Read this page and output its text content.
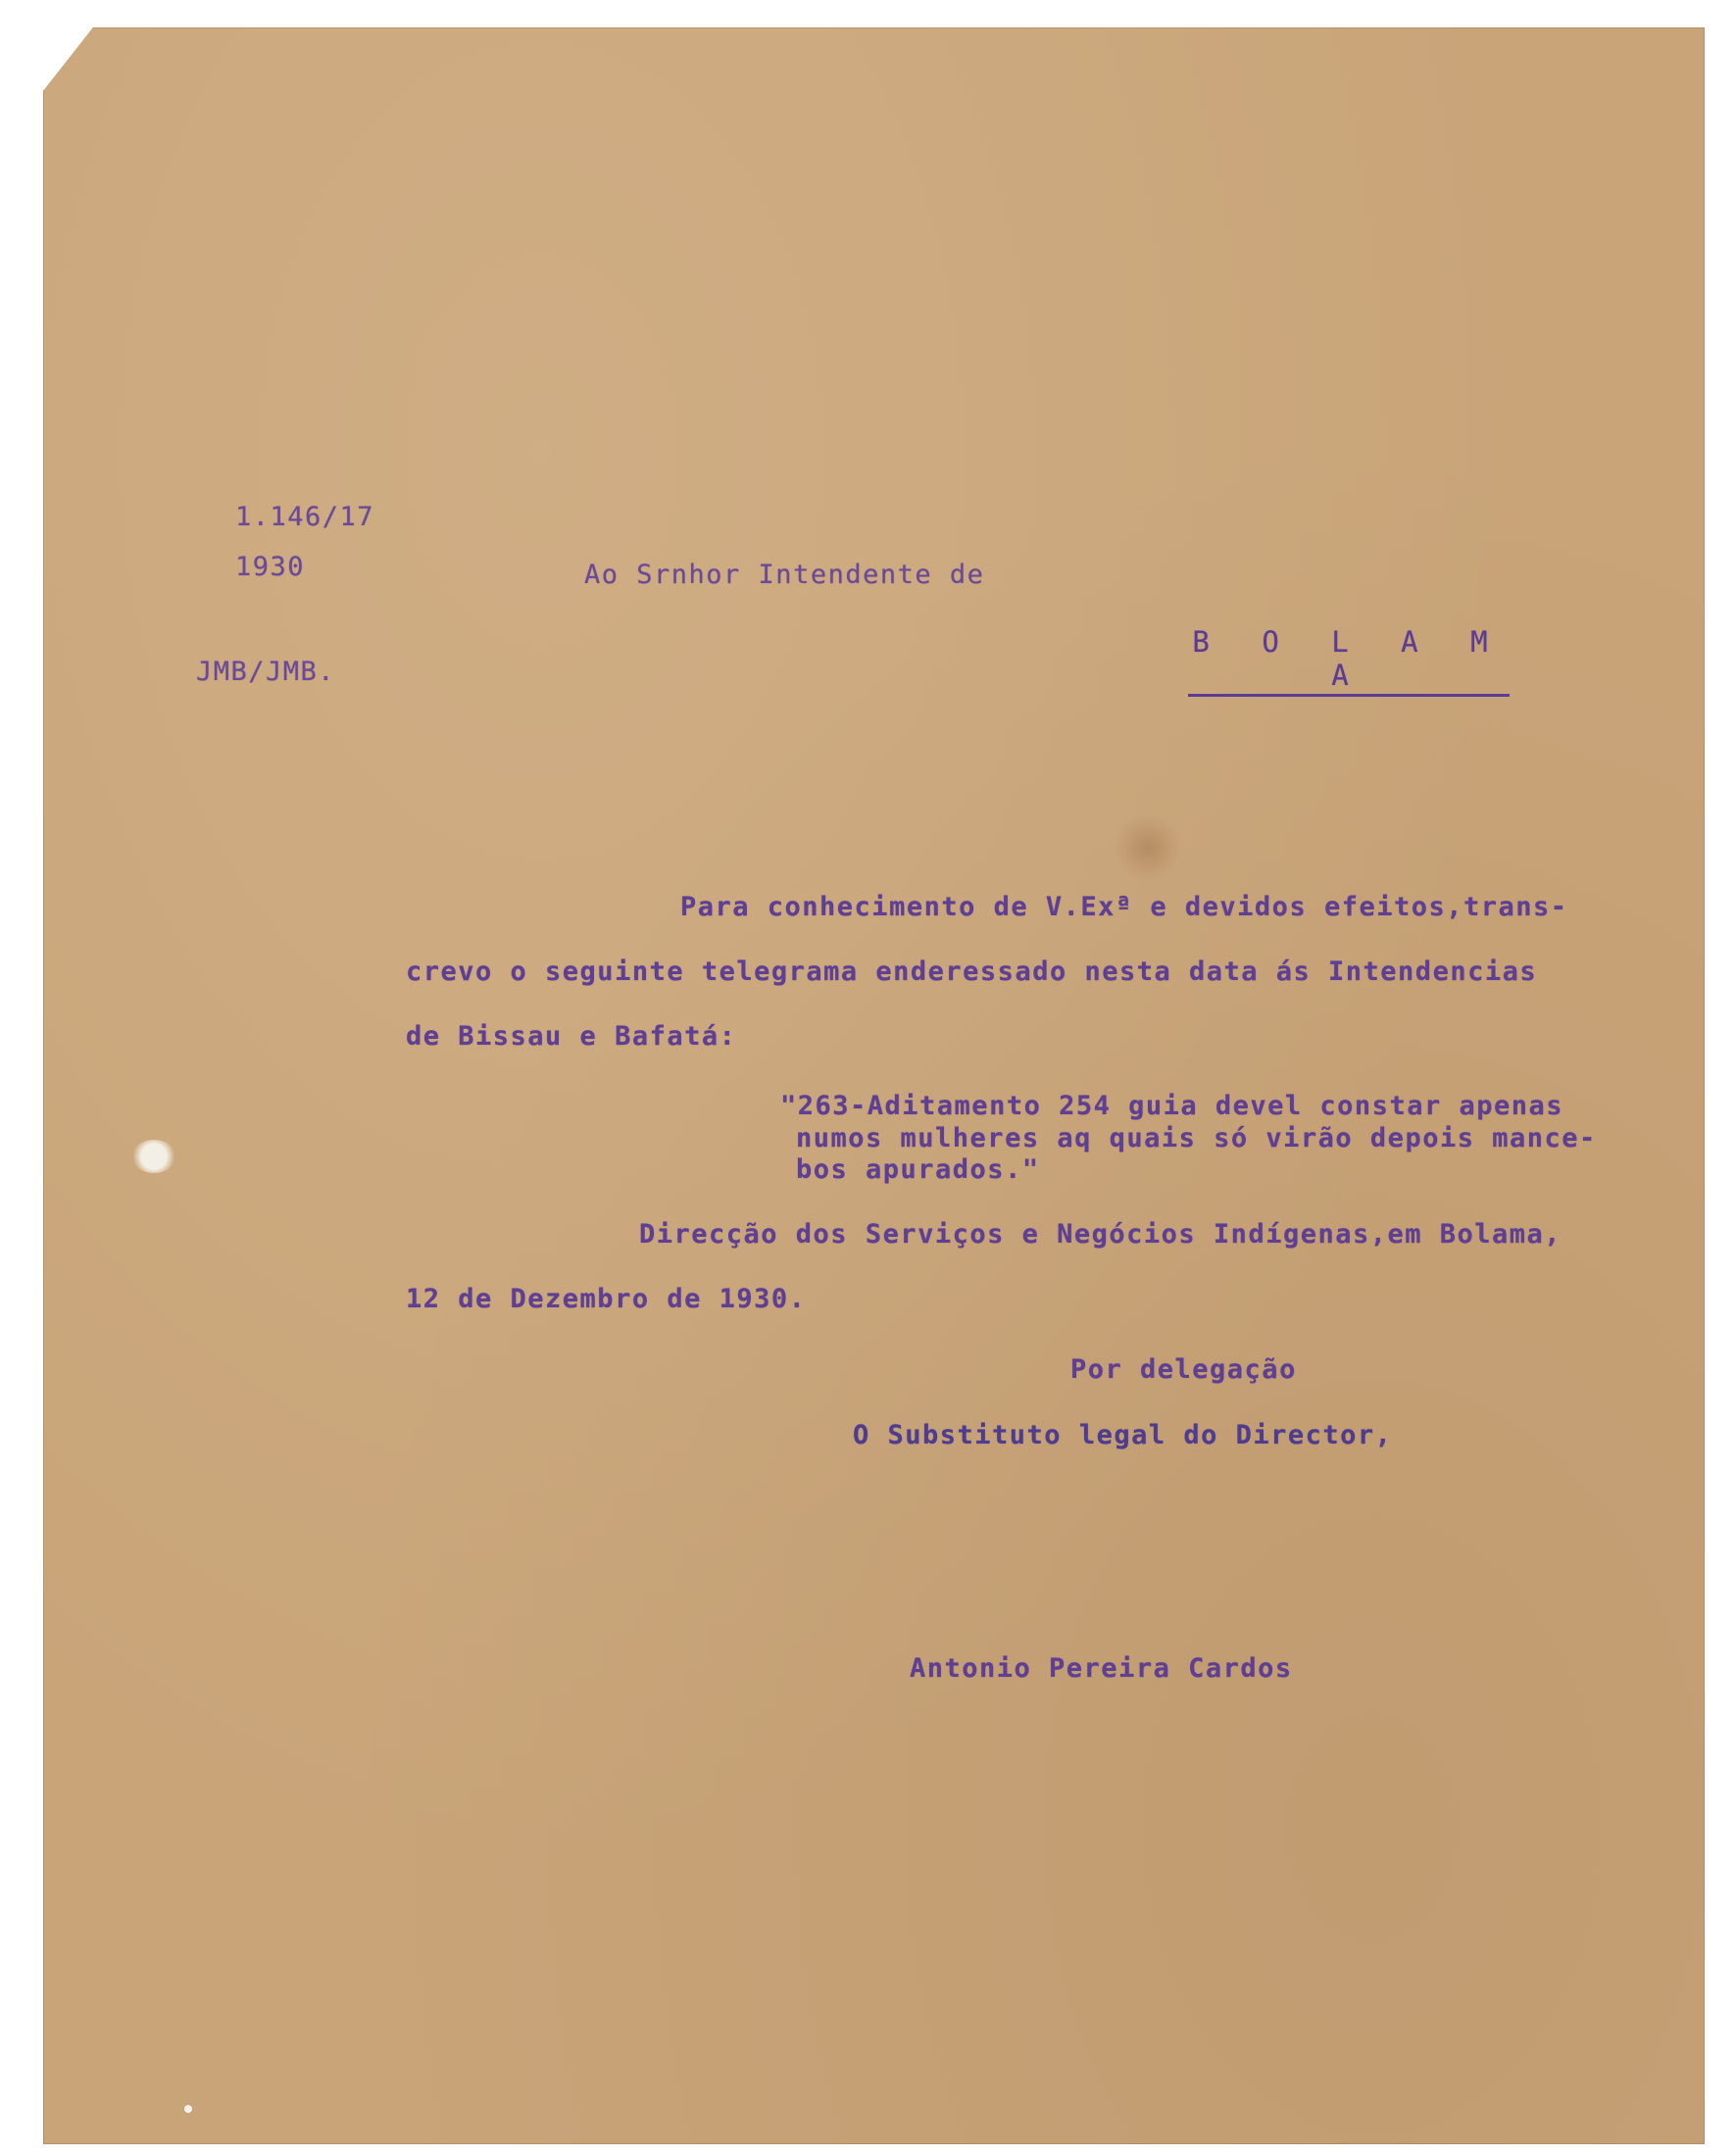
1.146/17
1930
JMB/JMB.
Ao Srnhor Intendente de
B O L A M A
Para conhecimento de V.Exª e devidos efeitos,trans-
crevo o seguinte telegrama enderessado nesta data ás Intendencias
de Bissau e Bafatá:
"263-Aditamento 254 guia devel constar apenas
numos mulheres aq quais só virão depois mance-
bos apurados."
Direcção dos Serviços e Negócios Indígenas,em Bolama,
12 de Dezembro de 1930.
Por delegação
O Substituto legal do Director,
Antonio Pereira Cardos
